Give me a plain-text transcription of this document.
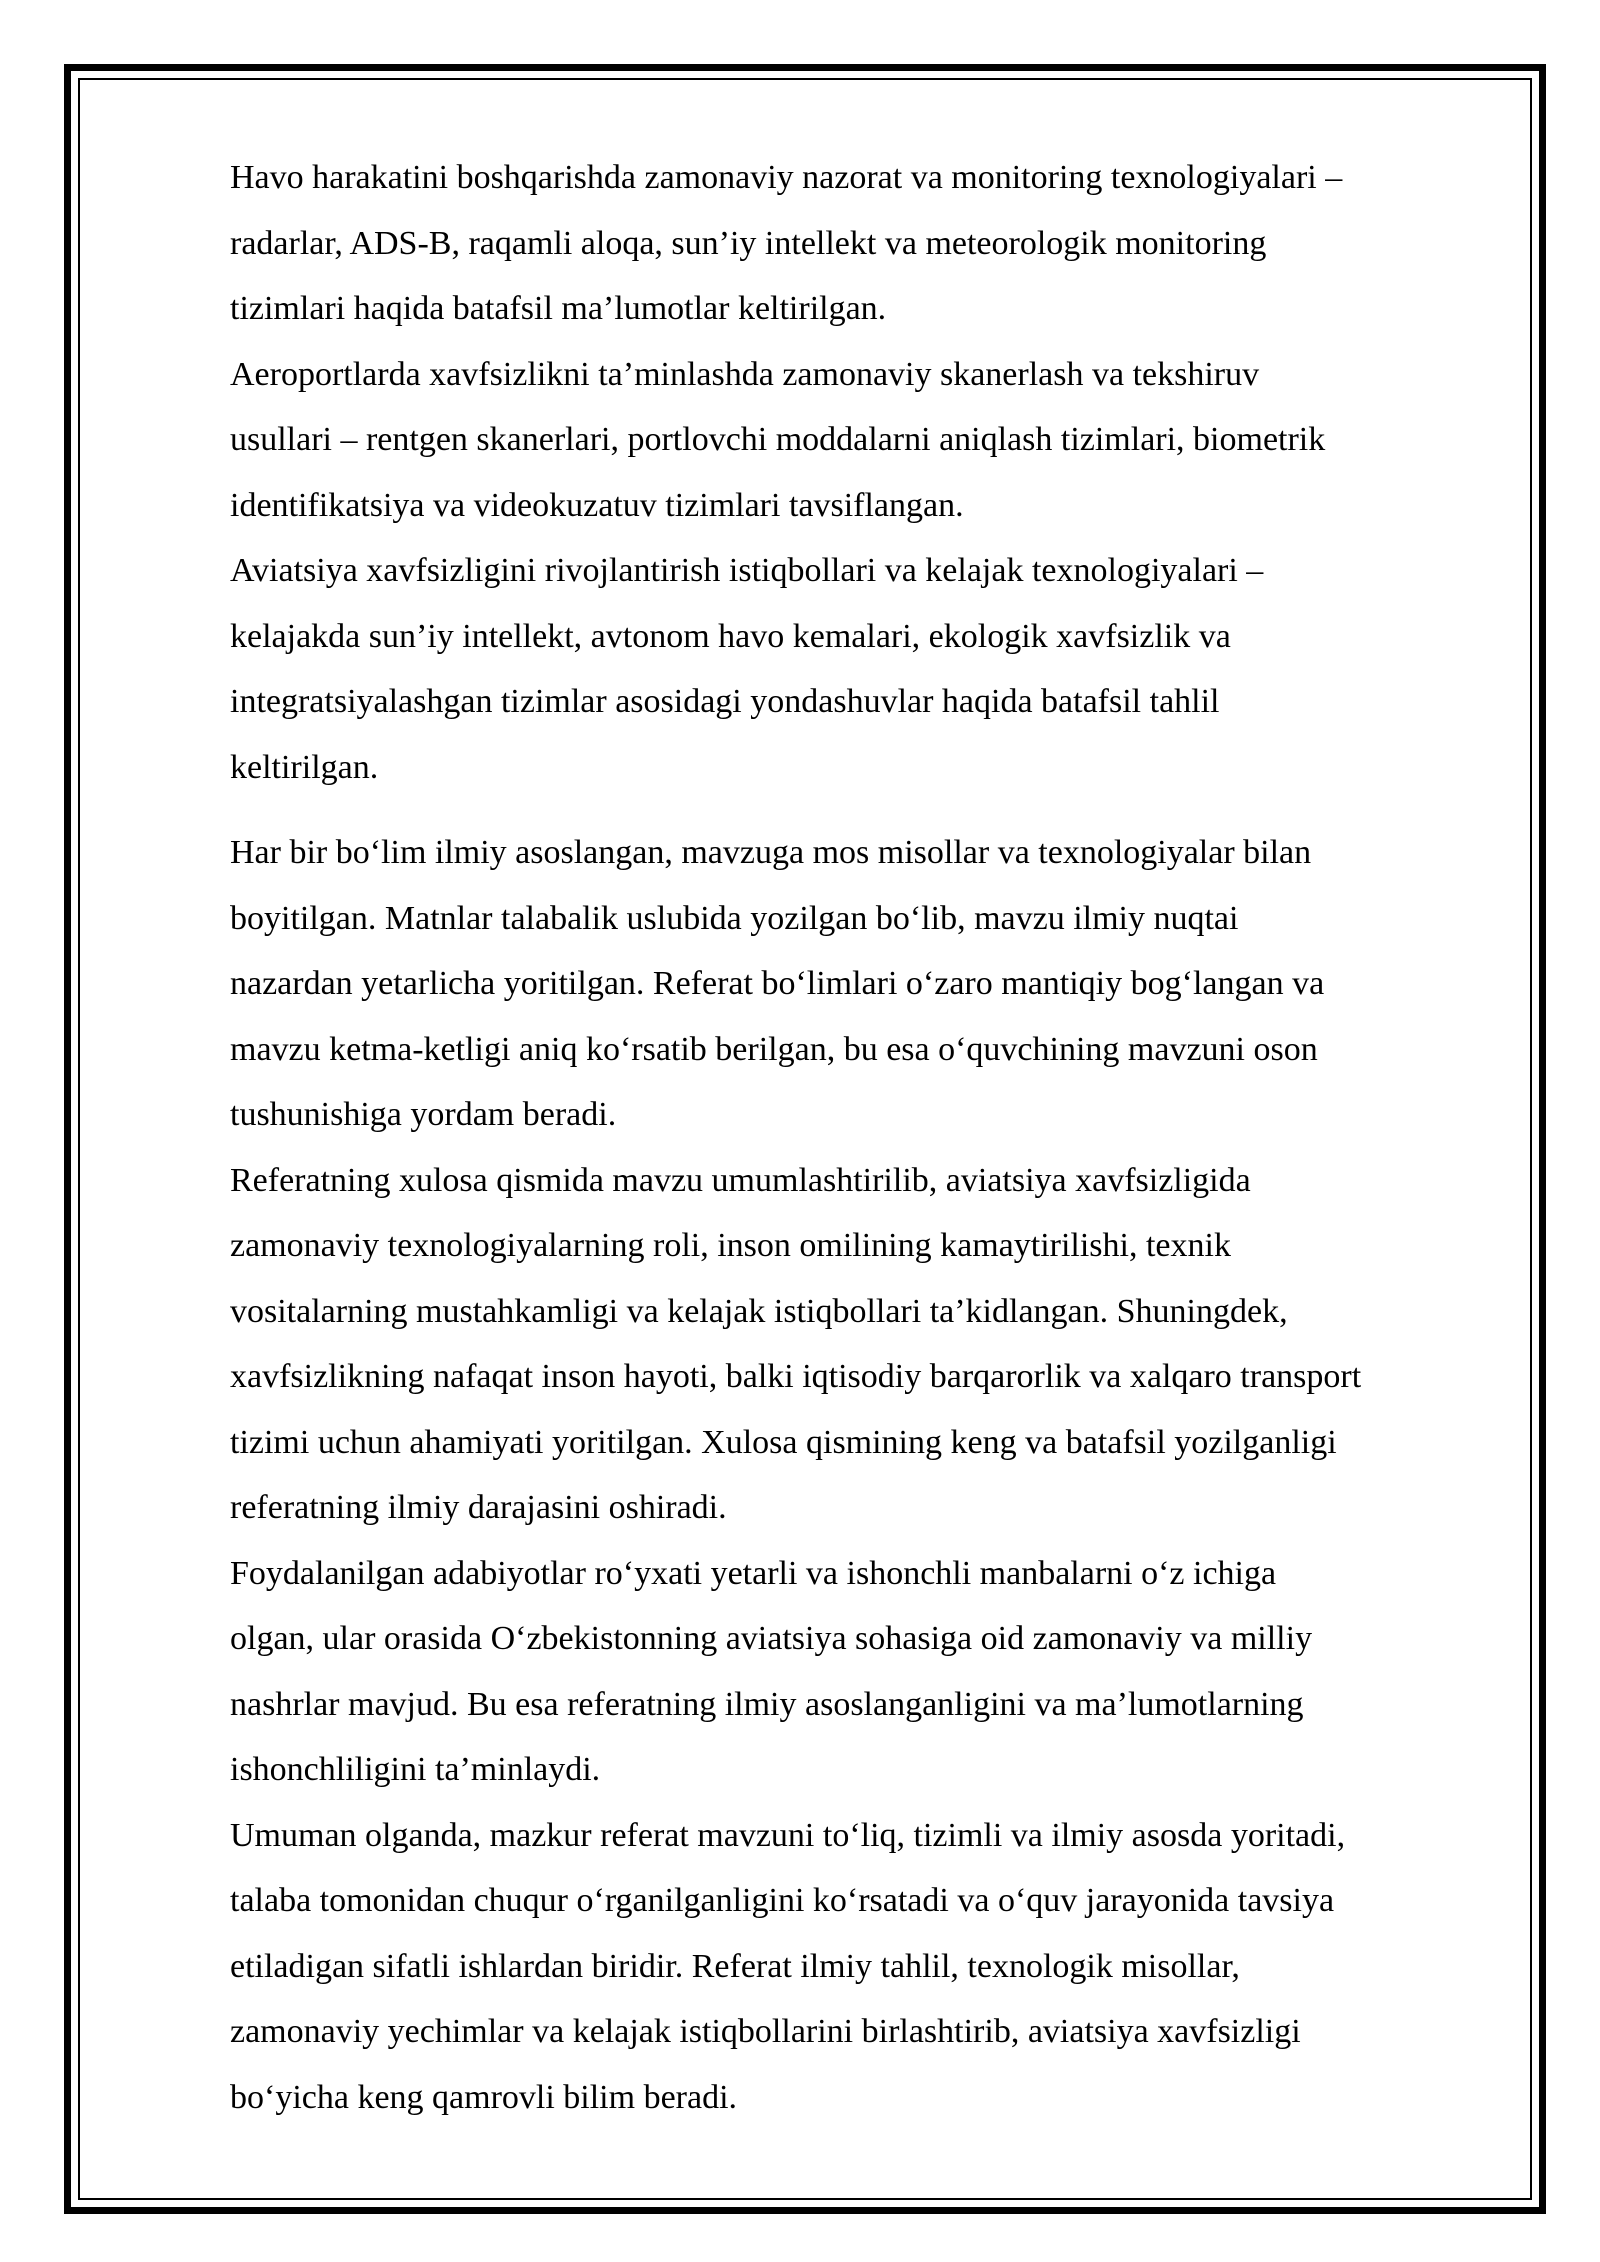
Havo harakatini boshqarishda zamonaviy nazorat va monitoring texnologiyalari –
radarlar, ADS-B, raqamli aloqa, sun’iy intellekt va meteorologik monitoring
tizimlari haqida batafsil ma’lumotlar keltirilgan.

Aeroportlarda xavfsizlikni ta’minlashda zamonaviy skanerlash va tekshiruv
usullari – rentgen skanerlari, portlovchi moddalarni aniqlash tizimlari, biometrik
identifikatsiya va videokuzatuv tizimlari tavsiflangan.

Aviatsiya xavfsizligini rivojlantirish istiqbollari va kelajak texnologiyalari –
kelajakda sun’iy intellekt, avtonom havo kemalari, ekologik xavfsizlik va
integratsiyalashgan tizimlar asosidagi yondashuvlar haqida batafsil tahlil
keltirilgan.

Har bir bo‘lim ilmiy asoslangan, mavzuga mos misollar va texnologiyalar bilan
boyitilgan. Matnlar talabalik uslubida yozilgan bo‘lib, mavzu ilmiy nuqtai
nazardan yetarlicha yoritilgan. Referat bo‘limlari o‘zaro mantiqiy bog‘langan va
mavzu ketma-ketligi aniq ko‘rsatib berilgan, bu esa o‘quvchining mavzuni oson
tushunishiga yordam beradi.

Referatning xulosa qismida mavzu umumlashtirilib, aviatsiya xavfsizligida
zamonaviy texnologiyalarning roli, inson omilining kamaytirilishi, texnik
vositalarning mustahkamligi va kelajak istiqbollari ta’kidlangan. Shuningdek,
xavfsizlikning nafaqat inson hayoti, balki iqtisodiy barqarorlik va xalqaro transport
tizimi uchun ahamiyati yoritilgan. Xulosa qismining keng va batafsil yozilganligi
referatning ilmiy darajasini oshiradi.

Foydalanilgan adabiyotlar ro‘yxati yetarli va ishonchli manbalarni o‘z ichiga
olgan, ular orasida O‘zbekistonning aviatsiya sohasiga oid zamonaviy va milliy
nashrlar mavjud. Bu esa referatning ilmiy asoslanganligini va ma’lumotlarning
ishonchliligini ta’minlaydi.

Umuman olganda, mazkur referat mavzuni to‘liq, tizimli va ilmiy asosda yoritadi,
talaba tomonidan chuqur o‘rganilganligini ko‘rsatadi va o‘quv jarayonida tavsiya
etiladigan sifatli ishlardan biridir. Referat ilmiy tahlil, texnologik misollar,
zamonaviy yechimlar va kelajak istiqbollarini birlashtirib, aviatsiya xavfsizligi
bo‘yicha keng qamrovli bilim beradi.
